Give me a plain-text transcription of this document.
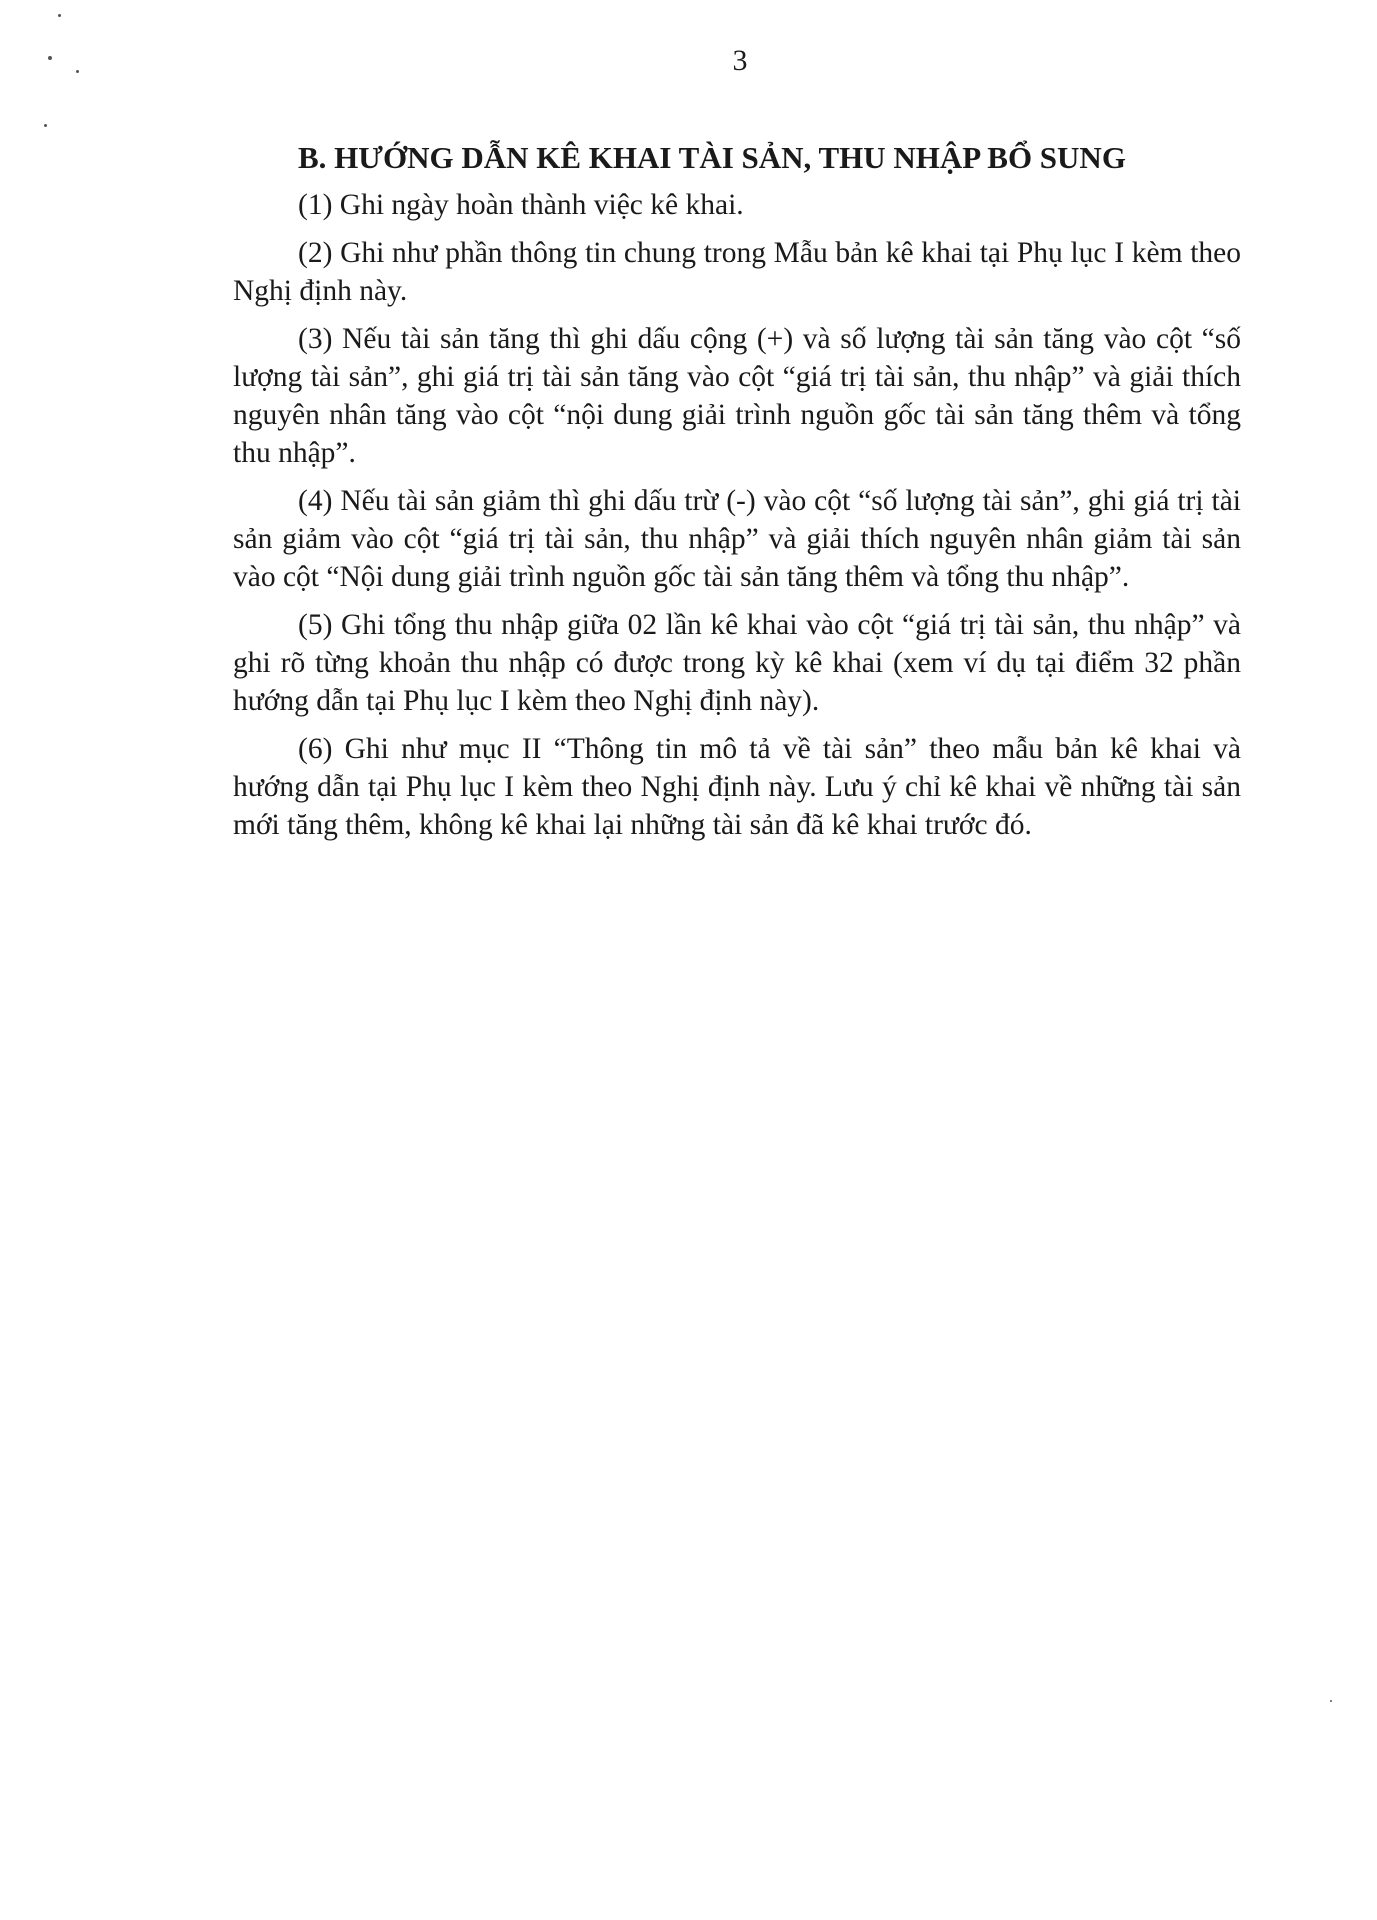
3

B. HƯỚNG DẪN KÊ KHAI TÀI SẢN, THU NHẬP BỔ SUNG

(1) Ghi ngày hoàn thành việc kê khai.

(2) Ghi như phần thông tin chung trong Mẫu bản kê khai tại Phụ lục I kèm theo Nghị định này.

(3) Nếu tài sản tăng thì ghi dấu cộng (+) và số lượng tài sản tăng vào cột “số lượng tài sản”, ghi giá trị tài sản tăng vào cột “giá trị tài sản, thu nhập” và giải thích nguyên nhân tăng vào cột “nội dung giải trình nguồn gốc tài sản tăng thêm và tổng thu nhập”.

(4) Nếu tài sản giảm thì ghi dấu trừ (-) vào cột “số lượng tài sản”, ghi giá trị tài sản giảm vào cột “giá trị tài sản, thu nhập” và giải thích nguyên nhân giảm tài sản vào cột “Nội dung giải trình nguồn gốc tài sản tăng thêm và tổng thu nhập”.

(5) Ghi tổng thu nhập giữa 02 lần kê khai vào cột “giá trị tài sản, thu nhập” và ghi rõ từng khoản thu nhập có được trong kỳ kê khai (xem ví dụ tại điểm 32 phần hướng dẫn tại Phụ lục I kèm theo Nghị định này).

(6) Ghi như mục II “Thông tin mô tả về tài sản” theo mẫu bản kê khai và hướng dẫn tại Phụ lục I kèm theo Nghị định này. Lưu ý chỉ kê khai về những tài sản mới tăng thêm, không kê khai lại những tài sản đã kê khai trước đó.
